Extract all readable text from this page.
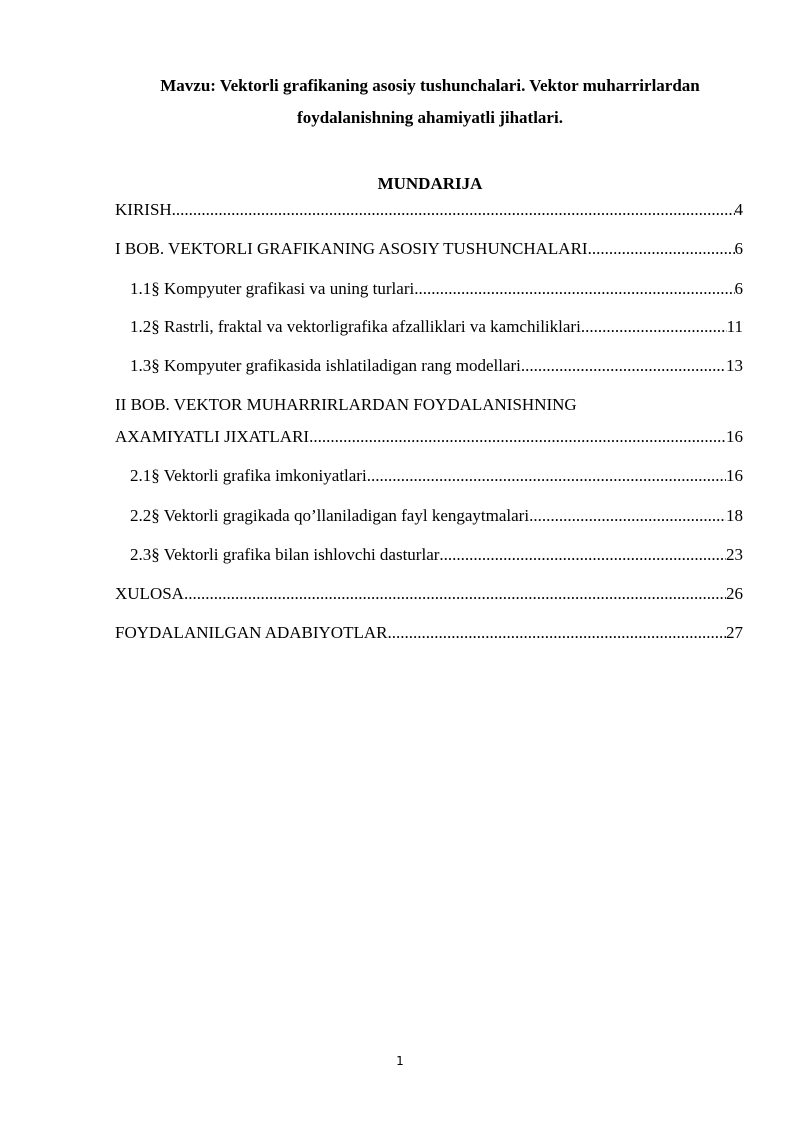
Mavzu: Vektorli grafikaning asosiy tushunchalari. Vektor muharrirlardan
foydalanishning ahamiyatli jihatlari.
MUNDARIJA
KIRISH .....	4
I BOB. VEKTORLI GRAFIKANING ASOSIY TUSHUNCHALARI .....	6
1.1§ Kompyuter grafikasi va uning turlari .....	6
1.2§ Rastrli, fraktal va vektorligrafika afzalliklari va kamchiliklari .....	11
1.3§ Kompyuter grafikasida ishlatiladigan rang modellari .....	13
II BOB. VEKTOR MUHARRIRLARDAN FOYDALANISHNING
AXAMIYATLI JIXATLARI .....	16
2.1§ Vektorli grafika imkoniyatlari .....	16
2.2§ Vektorli gragikada qo’llaniladigan fayl kengaytmalari .....	18
2.3§ Vektorli grafika bilan ishlovchi dasturlar .....	23
XULOSA .....	26
FOYDALANILGAN ADABIYOTLAR .....	27
1
